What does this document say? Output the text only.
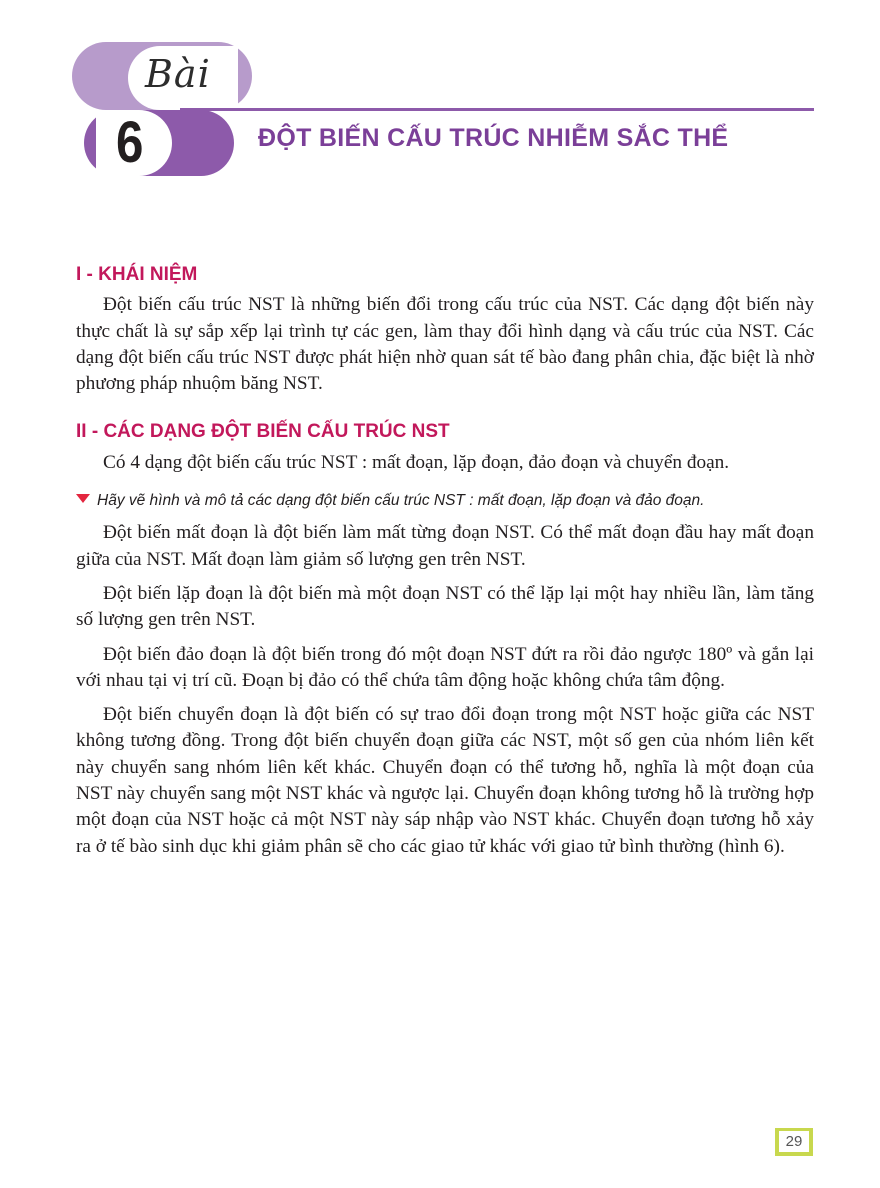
Bài
6	ĐỘT BIẾN CẤU TRÚC NHIỄM SẮC THỂ
I - KHÁI NIỆM

Đột biến cấu trúc NST là những biến đổi trong cấu trúc của NST. Các dạng đột biến này thực chất là sự sắp xếp lại trình tự các gen, làm thay đổi hình dạng và cấu trúc của NST. Các dạng đột biến cấu trúc NST được phát hiện nhờ quan sát tế bào đang phân chia, đặc biệt là nhờ phương pháp nhuộm băng NST.

II - CÁC DẠNG ĐỘT BIẾN CẤU TRÚC NST

Có 4 dạng đột biến cấu trúc NST : mất đoạn, lặp đoạn, đảo đoạn và chuyển đoạn.

Hãy vẽ hình và mô tả các dạng đột biến cấu trúc NST : mất đoạn, lặp đoạn và đảo đoạn.

Đột biến mất đoạn là đột biến làm mất từng đoạn NST. Có thể mất đoạn đầu hay mất đoạn giữa của NST. Mất đoạn làm giảm số lượng gen trên NST.

Đột biến lặp đoạn là đột biến mà một đoạn NST có thể lặp lại một hay nhiều lần, làm tăng số lượng gen trên NST.

Đột biến đảo đoạn là đột biến trong đó một đoạn NST đứt ra rồi đảo ngược 180º và gắn lại với nhau tại vị trí cũ. Đoạn bị đảo có thể chứa tâm động hoặc không chứa tâm động.

Đột biến chuyển đoạn là đột biến có sự trao đổi đoạn trong một NST hoặc giữa các NST không tương đồng. Trong đột biến chuyển đoạn giữa các NST, một số gen của nhóm liên kết này chuyển sang nhóm liên kết khác. Chuyển đoạn có thể tương hỗ, nghĩa là một đoạn của NST này chuyển sang một NST khác và ngược lại. Chuyển đoạn không tương hỗ là trường hợp một đoạn của NST hoặc cả một NST này sáp nhập vào NST khác. Chuyển đoạn tương hỗ xảy ra ở tế bào sinh dục khi giảm phân sẽ cho các giao tử khác với giao tử bình thường (hình 6).

29
